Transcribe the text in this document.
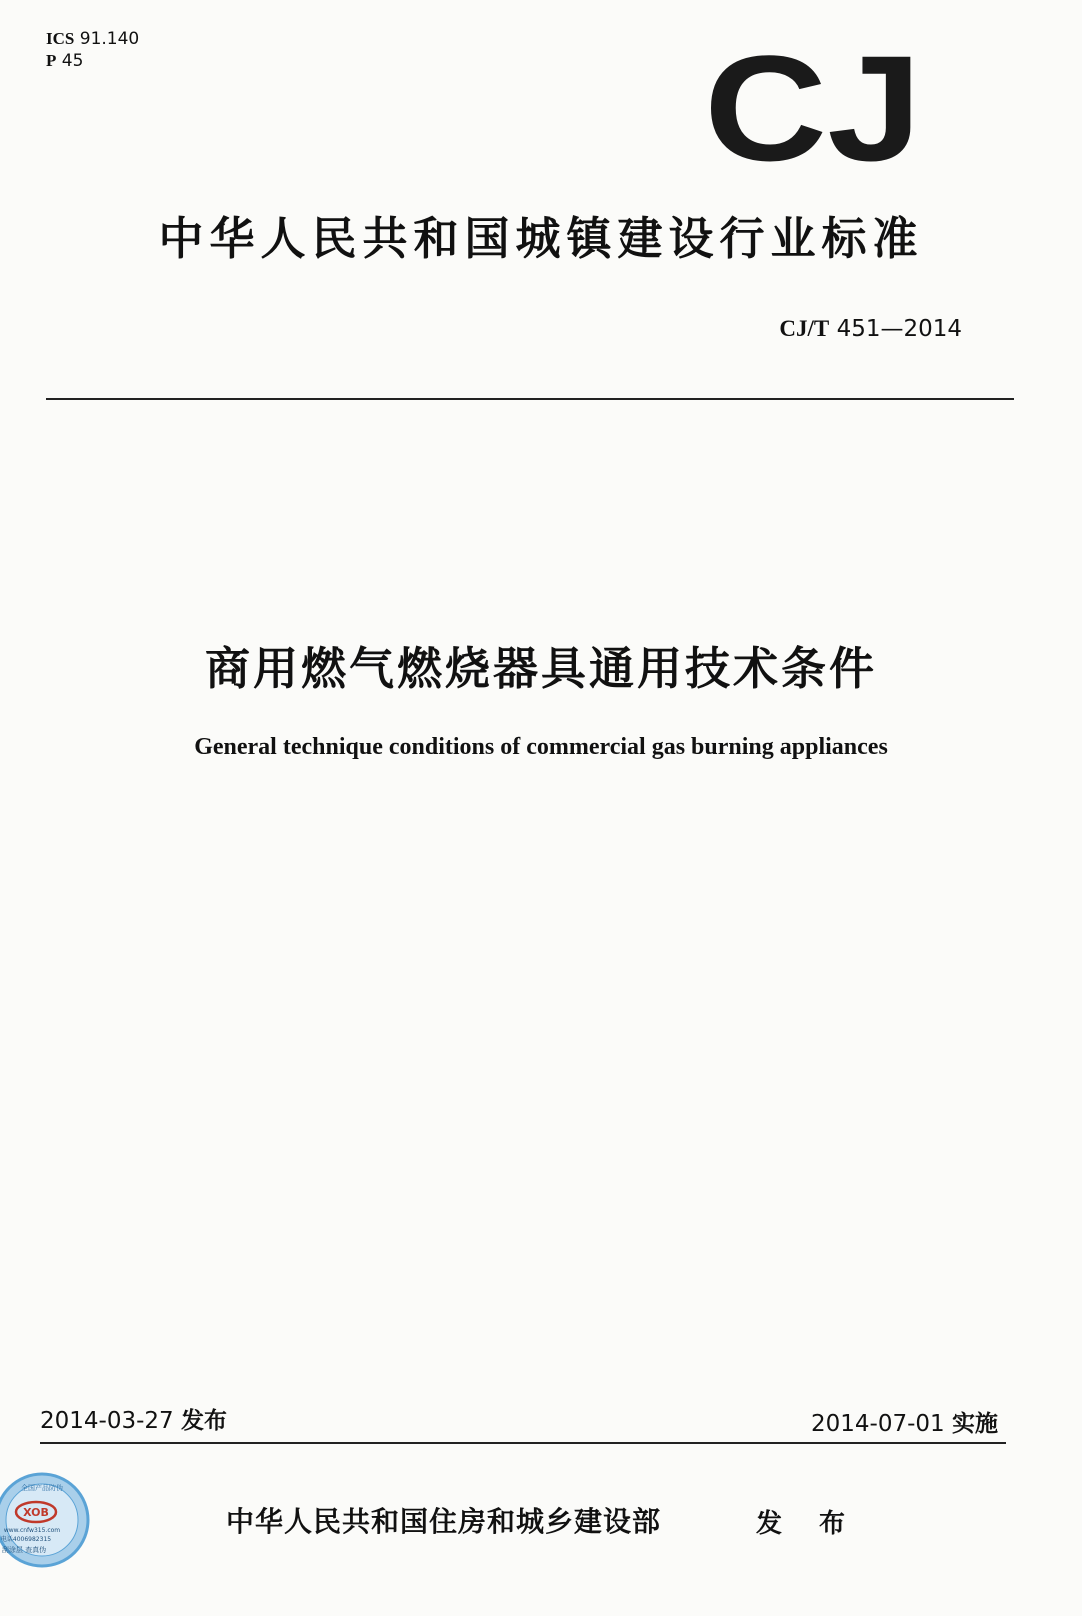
ICS 91.140
P 45	CJ
中华人民共和国城镇建设行业标准
CJ/T 451—2014
商用燃气燃烧器具通用技术条件
General technique conditions of commercial gas burning appliances
2014-03-27 发布	2014-07-01 实施
中华人民共和国住房和城乡建设部	发 布
全国产品防伪
XOB
www.cnfw315.com
电话4006982315
刮涂层 查真伪
